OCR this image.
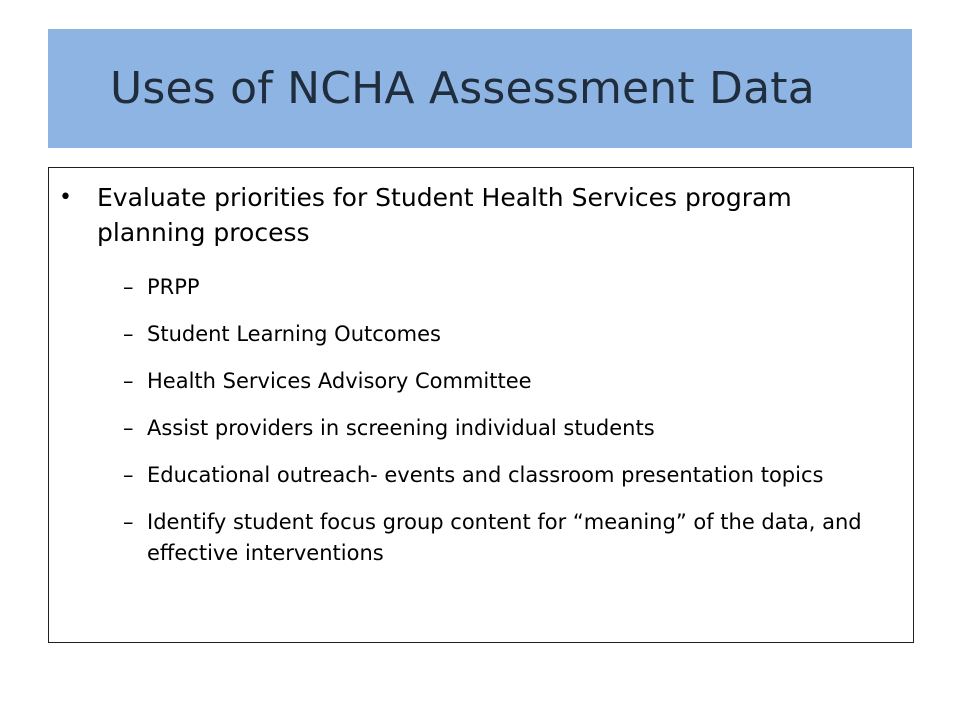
Uses of NCHA Assessment Data
•	Evaluate priorities for Student Health Services program planning process
– PRPP
– Student Learning Outcomes
– Health Services Advisory Committee
– Assist providers in screening individual students
– Educational outreach- events and classroom presentation topics
– Identify student focus group content for “meaning” of the data, and effective interventions
